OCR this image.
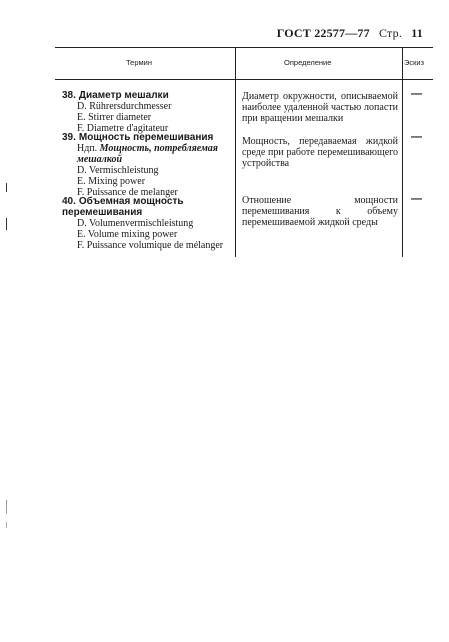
ГОСТ 22577—77 Стр. 11
Термин	Определение	Эскиз
38. Диаметр мешалки
D. Rührersdurchmesser
E. Stirrer diameter
F. Diametre d'agitateur
Диаметр окружности, описываемой наиболее удаленной частью лопасти при вращении мешалки
—
39. Мощность перемешивания
Ндп. Мощность, потребляемая мешалкой
D. Vermischleistung
E. Mixing power
F. Puissance de melanger
Мощность, передаваемая жидкой среде при работе перемешивающего устройства
—
40. Объемная мощность перемешивания
D. Volumenvermischleistung
E. Volume mixing power
F. Puissance volumique de mélanger
Отношение мощности перемешивания к объему перемешиваемой жидкой среды
—
